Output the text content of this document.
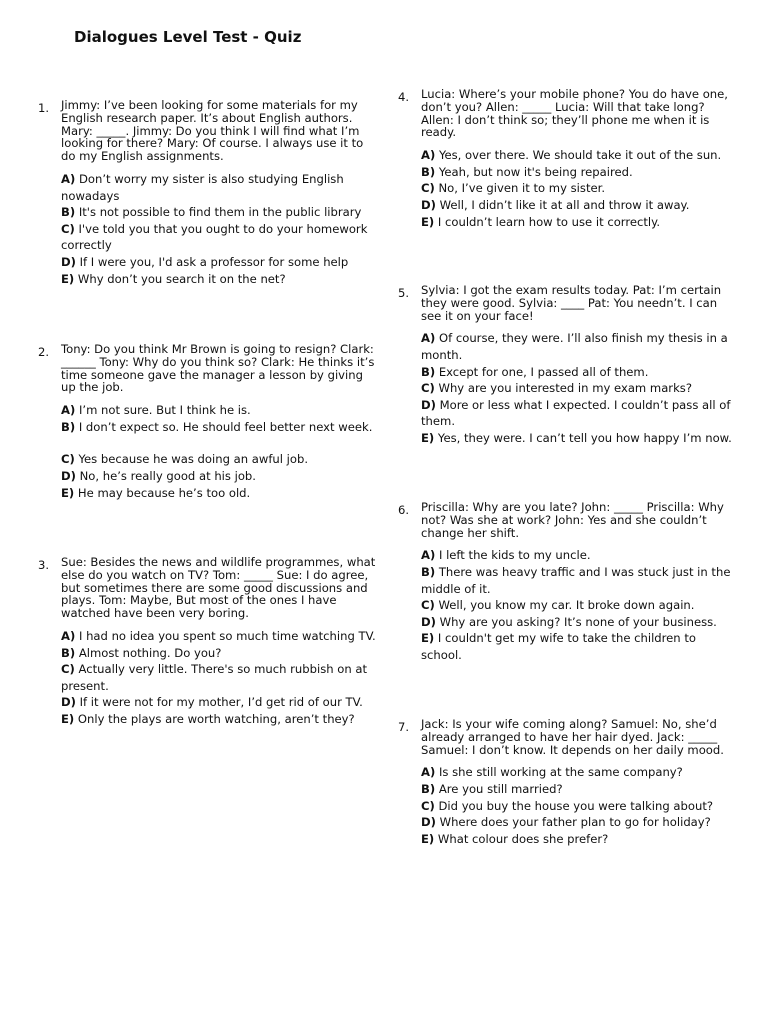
Dialogues Level Test - Quiz
1. Jimmy: I’ve been looking for some materials for my English research paper. It’s about English authors. Mary: _____. Jimmy: Do you think I will find what I’m looking for there? Mary: Of course. I always use it to do my English assignments.

A) Don’t worry my sister is also studying English nowadays

B) It's not possible to find them in the public library

C) I've told you that you ought to do your homework correctly

D) If I were you, I'd ask a professor for some help

E) Why don’t you search it on the net?

2. Tony: Do you think Mr Brown is going to resign? Clark: ______ Tony: Why do you think so? Clark: He thinks it’s time someone gave the manager a lesson by giving up the job.

A) I’m not sure. But I think he is.

B) I don’t expect so. He should feel better next week.

C) Yes because he was doing an awful job.

D) No, he’s really good at his job.

E) He may because he’s too old.

3. Sue: Besides the news and wildlife programmes, what else do you watch on TV? Tom: _____ Sue: I do agree, but sometimes there are some good discussions and plays. Tom: Maybe, But most of the ones I have watched have been very boring.

A) I had no idea you spent so much time watching TV.

B) Almost nothing. Do you?

C) Actually very little. There's so much rubbish on at present.

D) If it were not for my mother, I’d get rid of our TV.

E) Only the plays are worth watching, aren’t they?

4. Lucia: Where’s your mobile phone? You do have one, don’t you? Allen: _____ Lucia: Will that take long? Allen: I don’t think so; they’ll phone me when it is ready.

A) Yes, over there. We should take it out of the sun.

B) Yeah, but now it's being repaired.

C) No, I’ve given it to my sister.

D) Well, I didn’t like it at all and throw it away.

E) I couldn’t learn how to use it correctly.

5. Sylvia: I got the exam results today. Pat: I’m certain they were good. Sylvia: ____ Pat: You needn’t. I can see it on your face!

A) Of course, they were. I’ll also finish my thesis in a month.

B) Except for one, I passed all of them.

C) Why are you interested in my exam marks?

D) More or less what I expected. I couldn’t pass all of them.

E) Yes, they were. I can’t tell you how happy I’m now.

6. Priscilla: Why are you late? John: _____ Priscilla: Why not? Was she at work? John: Yes and she couldn’t change her shift.

A) I left the kids to my uncle.

B) There was heavy traffic and I was stuck just in the middle of it.

C) Well, you know my car. It broke down again.

D) Why are you asking? It’s none of your business.

E) I couldn't get my wife to take the children to school.

7. Jack: Is your wife coming along? Samuel: No, she’d already arranged to have her hair dyed. Jack: _____ Samuel: I don’t know. It depends on her daily mood.

A) Is she still working at the same company?

B) Are you still married?

C) Did you buy the house you were talking about?

D) Where does your father plan to go for holiday?

E) What colour does she prefer?
